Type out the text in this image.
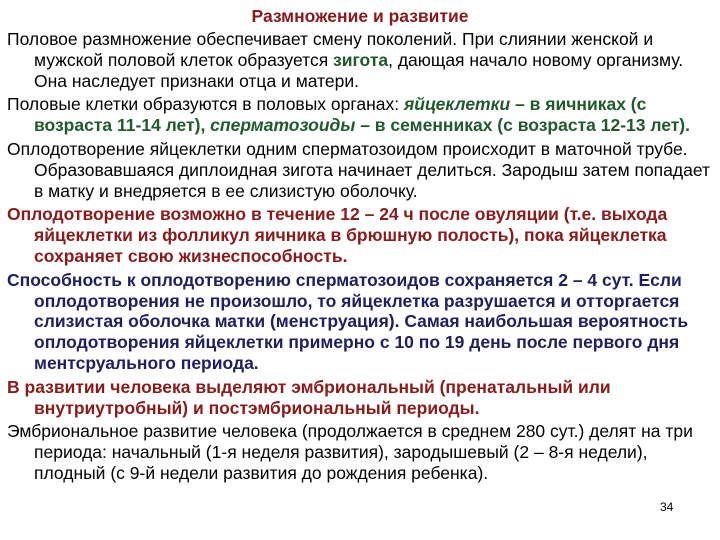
Размножение и развитие

Половое размножение обеспечивает смену поколений. При слиянии женской и мужской половой клеток образуется зигота, дающая начало новому организму. Она наследует признаки отца и матери.

Половые клетки образуются в половых органах: яйцеклетки – в яичниках (с возраста 11-14 лет), сперматозоиды – в семенниках (с возраста 12-13 лет).

Оплодотворение яйцеклетки одним сперматозоидом происходит в маточной трубе. Образовавшаяся диплоидная зигота начинает делиться. Зародыш затем попадает в матку и внедряется в ее слизистую оболочку.

Оплодотворение возможно в течение 12 – 24 ч после овуляции (т.е. выхода яйцеклетки из фолликул яичника в брюшную полость), пока яйцеклетка сохраняет свою жизнеспособность.

Способность к оплодотворению сперматозоидов сохраняется 2 – 4 сут. Если оплодотворения не произошло, то яйцеклетка разрушается и отторгается слизистая оболочка матки (менструация). Самая наибольшая вероятность оплодотворения яйцеклетки примерно с 10 по 19 день после первого дня ментсруального периода.

В развитии человека выделяют эмбриональный (пренатальный или внутриутробный) и постэмбриональный периоды.

Эмбриональное развитие человека (продолжается в среднем 280 сут.) делят на три периода: начальный (1-я неделя развития), зародышевый (2 – 8-я недели), плодный (с 9-й недели развития до рождения ребенка).

34
